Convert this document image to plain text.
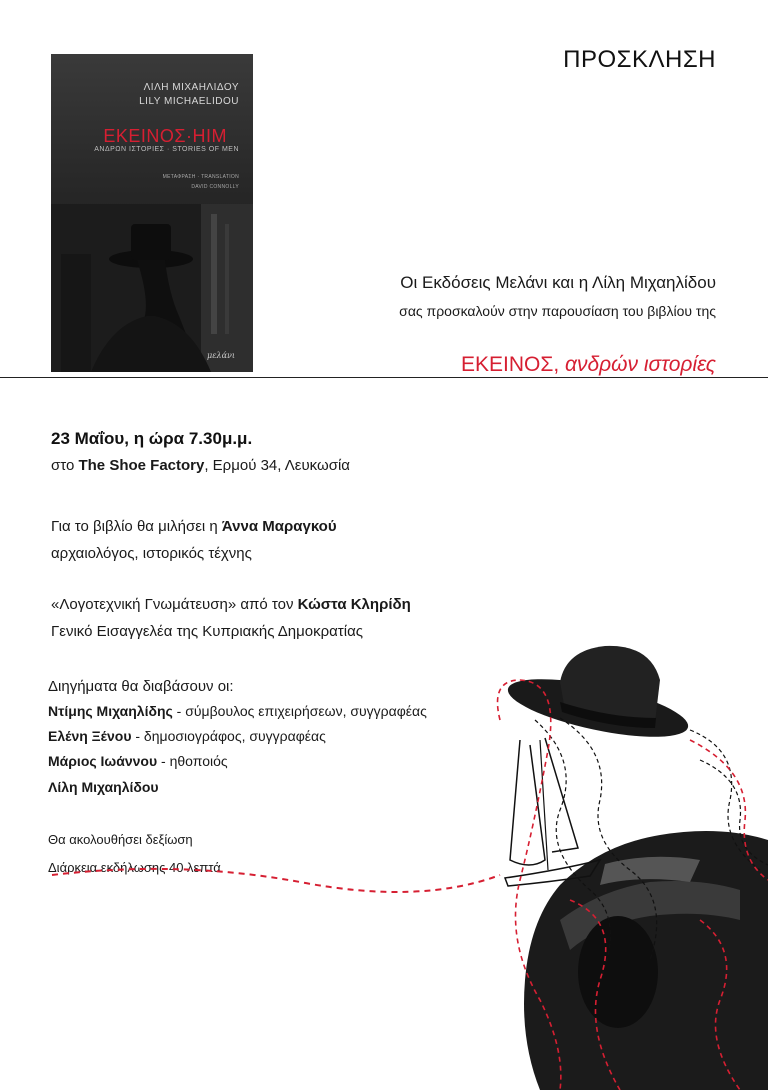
ΛΙΛΗ ΜΙΧΑΗΛΙΔΟΥ
LILY MICHAELIDOU
ΕΚΕΙΝΟΣ·HIM
ΑΝΔΡΩΝ ΙΣΤΟΡΙΕΣ · STORIES OF MEN
ΜΕΤΑΦΡΑΣΗ · TRANSLATION
DAVID CONNOLLY
μελάνι
ΠΡΟΣΚΛΗΣΗ
Οι Εκδόσεις Μελάνι και η Λίλη Μιχαηλίδου
σας προσκαλούν στην παρουσίαση του βιβλίου της
ΕΚΕΙΝΟΣ, ανδρών ιστορίες
23 Μαΐου, η ώρα 7.30μ.μ.
στο The Shoe Factory, Ερμού 34, Λευκωσία
Για το βιβλίο θα μιλήσει η Άννα Μαραγκού
αρχαιολόγος, ιστορικός τέχνης
«Λογοτεχνική Γνωμάτευση» από τον Κώστα Κληρίδη
Γενικό Εισαγγελέα της Κυπριακής Δημοκρατίας
Διηγήματα θα διαβάσουν οι:
Ντίμης Μιχαηλίδης - σύμβουλος επιχειρήσεων, συγγραφέας
Ελένη Ξένου - δημοσιογράφος, συγγραφέας
Μάριος Ιωάννου - ηθοποιός
Λίλη Μιχαηλίδου
Θα ακολουθήσει δεξίωση
Διάρκεια εκδήλωσης 40 λεπτά
